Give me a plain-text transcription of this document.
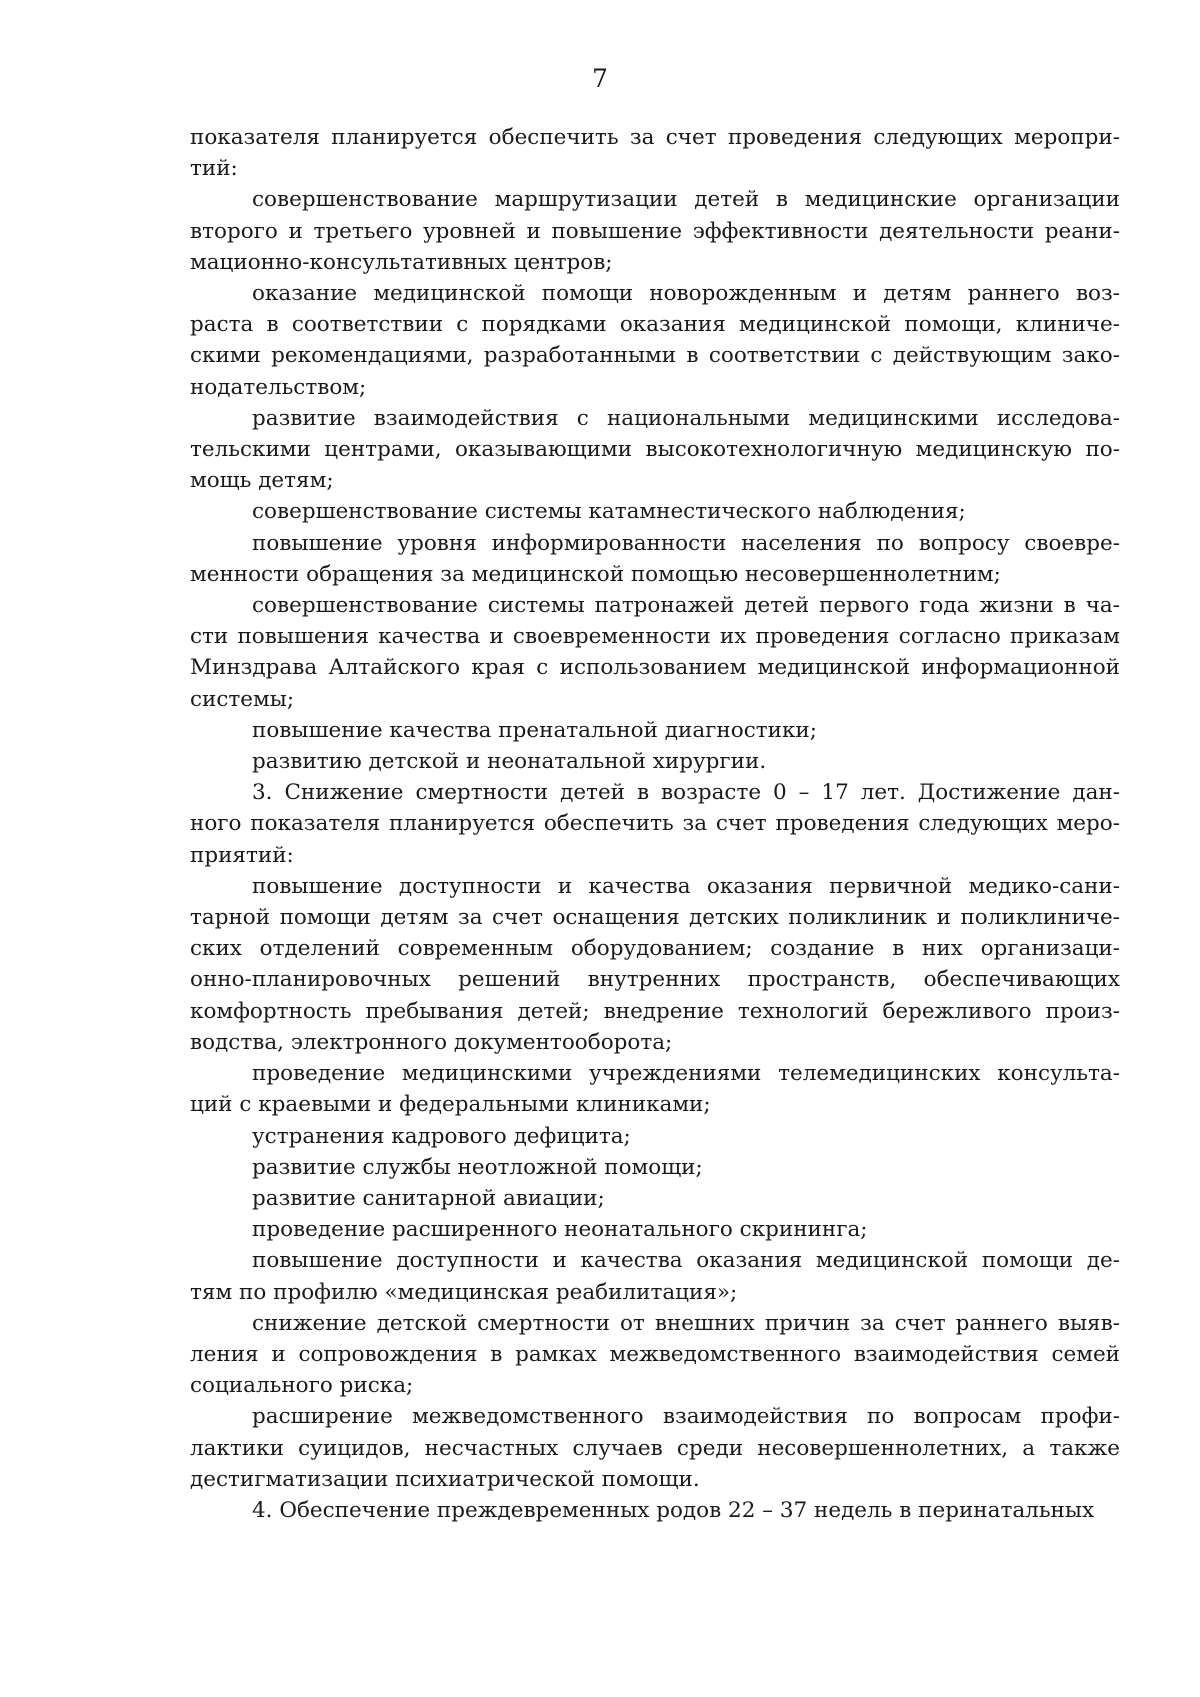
7
показателя планируется обеспечить за счет проведения следующих меропри-
тий:
совершенствование маршрутизации детей в медицинские организации
второго и третьего уровней и повышение эффективности деятельности реани-
мационно-консультативных центров;
оказание медицинской помощи новорожденным и детям раннего воз-
раста в соответствии с порядками оказания медицинской помощи, клиниче-
скими рекомендациями, разработанными в соответствии с действующим зако-
нодательством;
развитие взаимодействия с национальными медицинскими исследова-
тельскими центрами, оказывающими высокотехнологичную медицинскую по-
мощь детям;
совершенствование системы катамнестического наблюдения;
повышение уровня информированности населения по вопросу своевре-
менности обращения за медицинской помощью несовершеннолетним;
совершенствование системы патронажей детей первого года жизни в ча-
сти повышения качества и своевременности их проведения согласно приказам
Минздрава Алтайского края с использованием медицинской информационной
системы;
повышение качества пренатальной диагностики;
развитию детской и неонатальной хирургии.
3. Снижение смертности детей в возрасте 0 – 17 лет. Достижение дан-
ного показателя планируется обеспечить за счет проведения следующих меро-
приятий:
повышение доступности и качества оказания первичной медико-сани-
тарной помощи детям за счет оснащения детских поликлиник и поликлиниче-
ских отделений современным оборудованием; создание в них организаци-
онно-планировочных решений внутренних пространств, обеспечивающих
комфортность пребывания детей; внедрение технологий бережливого произ-
водства, электронного документооборота;
проведение медицинскими учреждениями телемедицинских консульта-
ций с краевыми и федеральными клиниками;
устранения кадрового дефицита;
развитие службы неотложной помощи;
развитие санитарной авиации;
проведение расширенного неонатального скрининга;
повышение доступности и качества оказания медицинской помощи де-
тям по профилю «медицинская реабилитация»;
снижение детской смертности от внешних причин за счет раннего выяв-
ления и сопровождения в рамках межведомственного взаимодействия семей
социального риска;
расширение межведомственного взаимодействия по вопросам профи-
лактики суицидов, несчастных случаев среди несовершеннолетних, а также
дестигматизации психиатрической помощи.
4. Обеспечение преждевременных родов 22 – 37 недель в перинатальных
